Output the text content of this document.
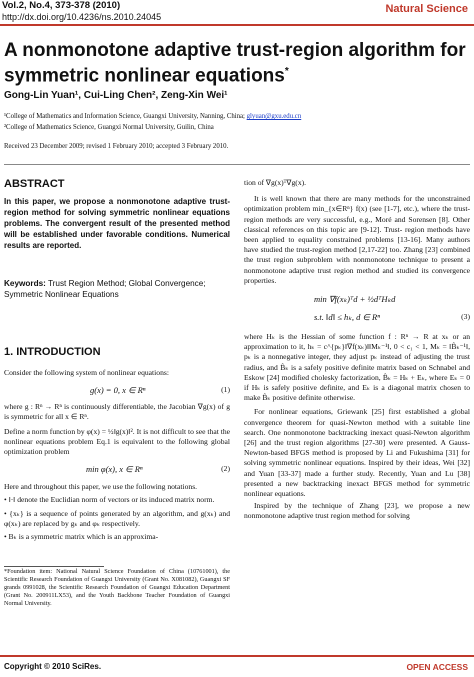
Vol.2, No.4, 373-378 (2010)
http://dx.doi.org/10.4236/ns.2010.24045
Natural Science
A nonmonotone adaptive trust-region algorithm for symmetric nonlinear equations*
Gong-Lin Yuan¹, Cui-Ling Chen², Zeng-Xin Wei¹
¹College of Mathematics and Information Science, Guangxi University, Nanning, China; glyuan@gxu.edu.cn
²College of Mathematics Science, Guangxi Normal University, Guilin, China
Received 23 December 2009; revised 1 February 2010; accepted 3 February 2010.
ABSTRACT
In this paper, we propose a nonmonotone adaptive trust-region method for solving symmetric nonlinear equations problems. The convergent result of the presented method will be established under favorable conditions. Numerical results are reported.
Keywords: Trust Region Method; Global Convergence; Symmetric Nonlinear Equations
1. INTRODUCTION

Consider the following system of nonlinear equations:

g(x) = 0, x ∈ Rⁿ	(1)

where g : Rⁿ → Rⁿ is continuously differentiable, the Jacobian ∇g(x) of g is symmetric for all x ∈ Rⁿ.

Define a norm function by φ(x) = ½‖g(x)‖². It is not difficult to see that the nonlinear equations problem Eq.1 is equivalent to the following global optimization problem

min φ(x), x ∈ Rⁿ	(2)

Here and throughout this paper, we use the following notations.

• ‖·‖ denote the Euclidian norm of vectors or its induced matrix norm.

• {xₖ} is a sequence of points generated by an algorithm, and g(xₖ) and φ(xₖ) are replaced by gₖ and φₖ respectively.

• Bₖ is a symmetric matrix which is an approxima-

*Foundation item: National Natural Science Foundation of China (10761001), the Scientific Research Foundation of Guangxi University (Grant No. X081082), Guangxi SF grands 0991028, the Scientific Research Foundation of Guangxi Education Department (Grant No. 200911LX53), and the Youth Backbone Teacher Foundation of Guangxi Normal University.

tion of ∇g(x)ᵀ∇g(x).

It is well known that there are many methods for the unconstrained optimization problem min_{x∈Rⁿ} f(x) (see [1-7], etc.), where the trust-region methods are very successful, e.g., Moré and Sorensen [8]. Other classical references on this topic are [9-12]. Trust- region methods have been applied to equality constrained problems [13-16]. Many authors have studied the trust-region method [2,17-22] too. Zhang [23] combined the trust region subproblem with nonmonotone technique to present a nonmonotone adaptive trust region method and studied its convergence properties.

min ∇f(xₖ)ᵀd + ½dᵀHₖd
s.t. ‖d‖ ≤ hₖ, d ∈ Rⁿ	(3)

where Hₖ is the Hessian of some function f : Rⁿ → R at xₖ or an approximation to it, hₖ = c^{pₖ}‖∇f(xₖ)‖‖Mₖ⁻¹‖, 0 < c₁ < 1, Mₖ = ‖B̂ₖ⁻¹‖, pₖ is a nonnegative integer, they adjust pₖ instead of adjusting the trust radius, and B̂ₖ is a safely positive definite matrix based on Schnabel and Eskow [24] modified cholesky factorization, B̂ₖ = Hₖ + Eₖ, where Eₖ = 0 if Hₖ is safely positive definite, and Eₖ is a diagonal matrix chosen to make B̂ₖ positive definite otherwise.

For nonlinear equations, Griewank [25] first established a global convergence theorem for quasi-Newton method with a suitable line search. One nonmonotone backtracking inexact quasi-Newton algorithm [26] and the trust region algorithms [27-30] were presented. A Gauss-Newton-based BFGS method is proposed by Li and Fukushima [31] for solving symmetric nonlinear equations. Inspired by their ideas, Wei [32] and Yuan [33-37] made a further study. Recently, Yuan and Lu [38] presented a new backtracking inexact BFGS method for symmetric nonlinear equations.

Inspired by the technique of Zhang [23], we propose a new nonmonotone adaptive trust region method for solving

Copyright © 2010 SciRes.	OPEN ACCESS
